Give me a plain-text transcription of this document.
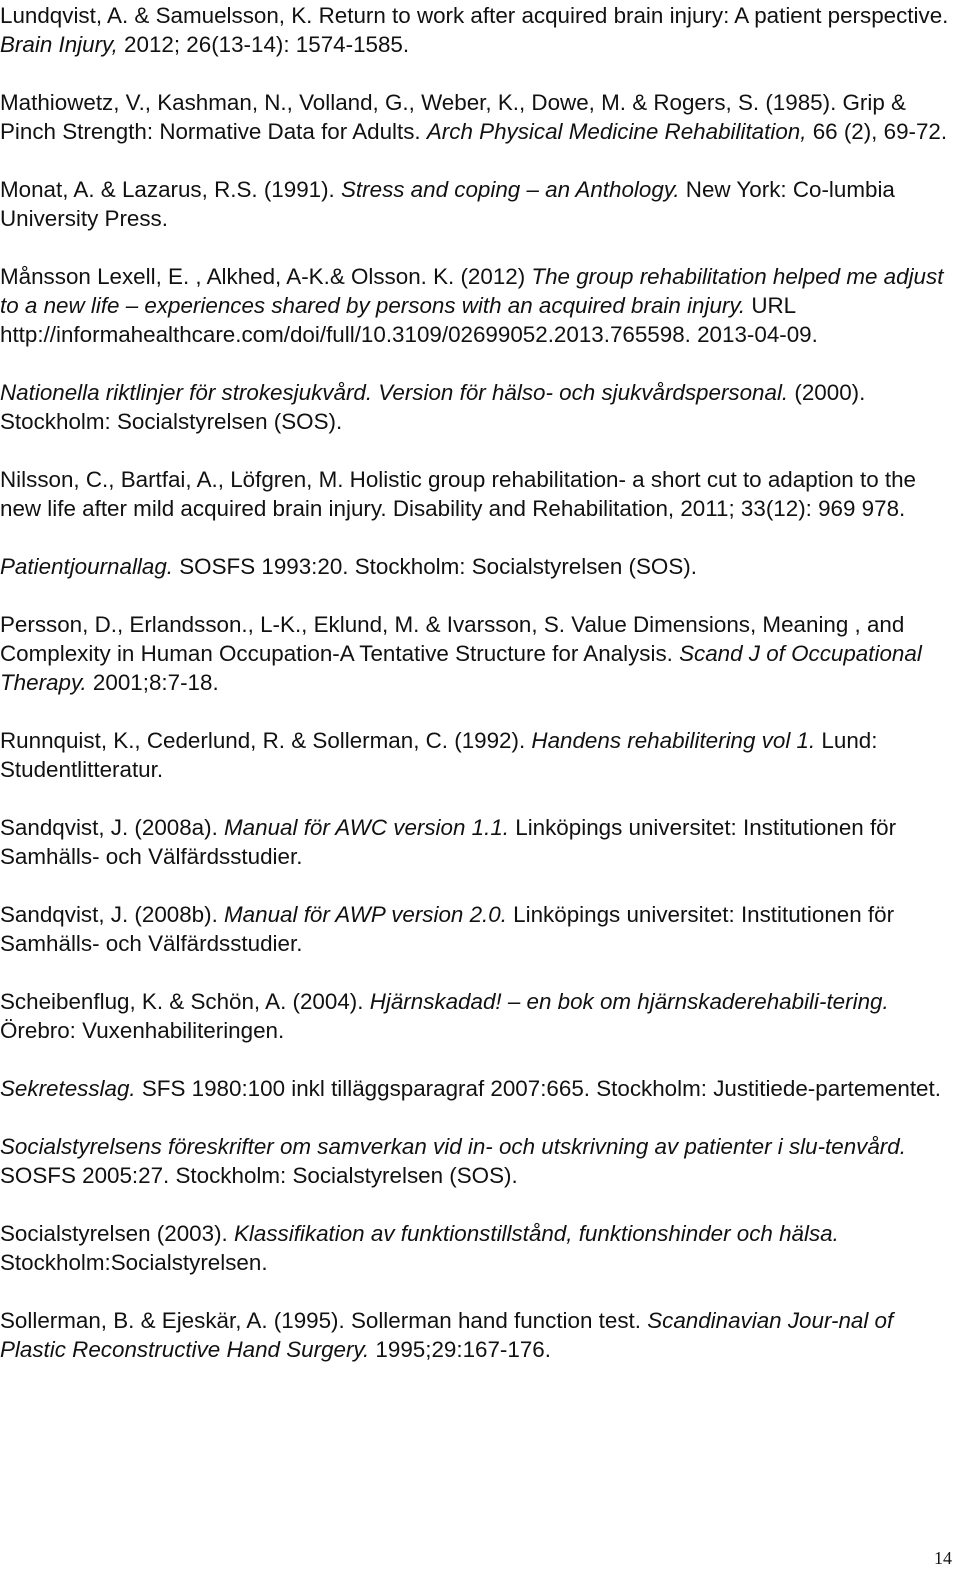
Lundqvist, A. & Samuelsson, K. Return to work after acquired brain injury: A patient perspective. Brain Injury, 2012; 26(13-14): 1574-1585.

Mathiowetz, V., Kashman, N., Volland, G., Weber, K., Dowe, M. & Rogers, S. (1985). Grip & Pinch Strength: Normative Data for Adults. Arch Physical Medicine Rehabilitation, 66 (2), 69-72.

Monat, A. & Lazarus, R.S. (1991). Stress and coping – an Anthology. New York: Co-lumbia University Press.

Månsson Lexell, E. , Alkhed, A-K.& Olsson. K. (2012) The group rehabilitation helped me adjust to a new life – experiences shared by persons with an acquired brain injury. URL http://informahealthcare.com/doi/full/10.3109/02699052.2013.765598. 2013-04-09.

Nationella riktlinjer för strokesjukvård. Version för hälso- och sjukvårdspersonal. (2000). Stockholm: Socialstyrelsen (SOS).

Nilsson, C., Bartfai, A., Löfgren, M. Holistic group rehabilitation- a short cut to adaption to the new life after mild acquired brain injury. Disability and Rehabilitation, 2011; 33(12): 969 978.

Patientjournallag. SOSFS 1993:20. Stockholm: Socialstyrelsen (SOS).

Persson, D., Erlandsson., L-K., Eklund, M. & Ivarsson, S. Value Dimensions, Meaning , and Complexity in Human Occupation-A Tentative Structure for Analysis. Scand J of Occupational Therapy. 2001;8:7-18.

Runnquist, K., Cederlund, R. & Sollerman, C. (1992). Handens rehabilitering vol 1. Lund: Studentlitteratur.

Sandqvist, J. (2008a). Manual för AWC version 1.1. Linköpings universitet: Institutionen för Samhälls- och Välfärdsstudier.

Sandqvist, J. (2008b). Manual för AWP version 2.0. Linköpings universitet: Institutionen för Samhälls- och Välfärdsstudier.

Scheibenflug, K. & Schön, A. (2004). Hjärnskadad! – en bok om hjärnskaderehabili-tering. Örebro: Vuxenhabiliteringen.

Sekretesslag. SFS 1980:100 inkl tilläggsparagraf 2007:665. Stockholm: Justitiede-partementet.

Socialstyrelsens föreskrifter om samverkan vid in- och utskrivning av patienter i slu-tenvård. SOSFS 2005:27. Stockholm: Socialstyrelsen (SOS).

Socialstyrelsen (2003). Klassifikation av funktionstillstånd, funktionshinder och hälsa. Stockholm:Socialstyrelsen.

Sollerman, B. & Ejeskär, A. (1995). Sollerman hand function test. Scandinavian Jour-nal of Plastic Reconstructive Hand Surgery. 1995;29:167-176.

14
